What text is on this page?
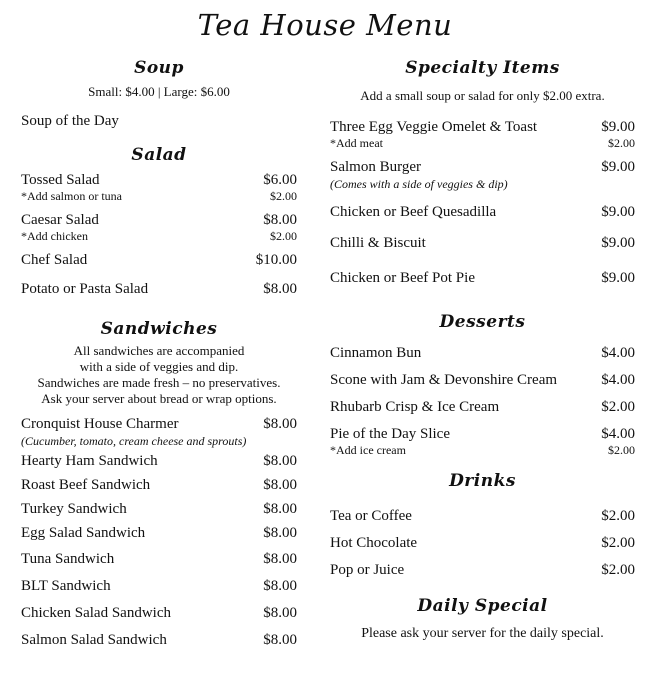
Tea House Menu
Soup
Small: $4.00 | Large: $6.00
Soup of the Day
Salad
Tossed Salad	$6.00
*Add salmon or tuna	$2.00
Caesar Salad	$8.00
*Add chicken	$2.00
Chef Salad	$10.00
Potato or Pasta Salad	$8.00
Sandwiches
All sandwiches are accompanied
with a side of veggies and dip.
Sandwiches are made fresh – no preservatives.
Ask your server about bread or wrap options.
Cronquist House Charmer	$8.00
(Cucumber, tomato, cream cheese and sprouts)
Hearty Ham Sandwich	$8.00
Roast Beef Sandwich	$8.00
Turkey Sandwich	$8.00
Egg Salad Sandwich	$8.00
Tuna Sandwich	$8.00
BLT Sandwich	$8.00
Chicken Salad Sandwich	$8.00
Salmon Salad Sandwich	$8.00
Specialty Items
Add a small soup or salad for only $2.00 extra.
Three Egg Veggie Omelet & Toast	$9.00
*Add meat	$2.00
Salmon Burger	$9.00
(Comes with a side of veggies & dip)
Chicken or Beef Quesadilla	$9.00
Chilli & Biscuit	$9.00
Chicken or Beef Pot Pie	$9.00
Desserts
Cinnamon Bun	$4.00
Scone with Jam & Devonshire Cream	$4.00
Rhubarb Crisp & Ice Cream	$2.00
Pie of the Day Slice	$4.00
*Add ice cream	$2.00
Drinks
Tea or Coffee	$2.00
Hot Chocolate	$2.00
Pop or Juice	$2.00
Daily Special
Please ask your server for the daily special.
